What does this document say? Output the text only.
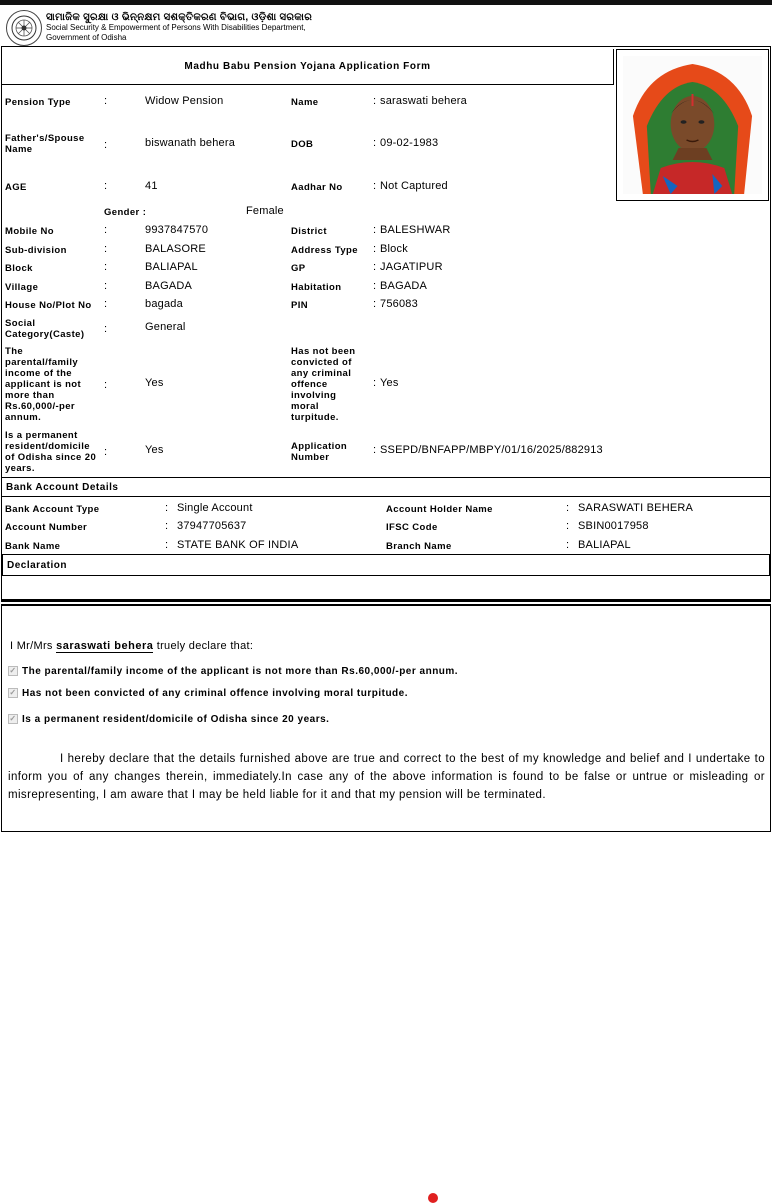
ସାମାଜିକ ସୁରକ୍ଷା ଓ ଭିନ୍ନକ୍ଷମ ସଶକ୍ତିକରଣ ବିଭାଗ, ଓଡ଼ିଶା ସରକାର
Social Security & Empowerment of Persons With Disabilities Department,
Government of Odisha
Madhu Babu Pension Yojana Application Form
Pension Type	:	Widow Pension	Name	: saraswati behera
Father's/Spouse
Name	:	biswanath behera	DOB	: 09-02-1983
AGE	:	41	Aadhar No	: Not Captured
Gender :	Female
Mobile No	:	9937847570	District	: BALESHWAR
Sub-division	:	BALASORE	Address Type : Block
Block	:	BALIAPAL	GP	: JAGATIPUR
Village	:	BAGADA	Habitation	: BAGADA
House No/Plot No :	bagada	PIN	: 756083
Social
Category(Caste) :	General
The
parental/family
income of the
applicant is not
more than
Rs.60,000/-per
annum.
:	Yes
Has not been
convicted of
any criminal
offence
involving
moral
turpitude.
: Yes
Is a permanent
resident/domicile
of Odisha since 20
years.
:	Yes	Application
Number
: SSEPD/BNFAPP/MBPY/01/16/2025/882913
Bank Account Details
Bank Account Type	: Single Account	Account Holder Name	: SARASWATI BEHERA
Account Number	: 37947705637	IFSC Code	: SBIN0017958
Bank Name	: STATE BANK OF INDIA	Branch Name	: BALIAPAL
Declaration
I Mr/Mrs saraswati behera truely declare that:
✓ The parental/family income of the applicant is not more than Rs.60,000/-per annum.
✓ Has not been convicted of any criminal offence involving moral turpitude.
✓ Is a permanent resident/domicile of Odisha since 20 years.
I hereby declare that the details furnished above are true and correct to the best of my knowledge and belief and I undertake to inform you of any changes therein, immediately.In case any of the above information is found to be false or untrue or misleading or misrepresenting, I am aware that I may be held liable for it and that my pension will be terminated.
